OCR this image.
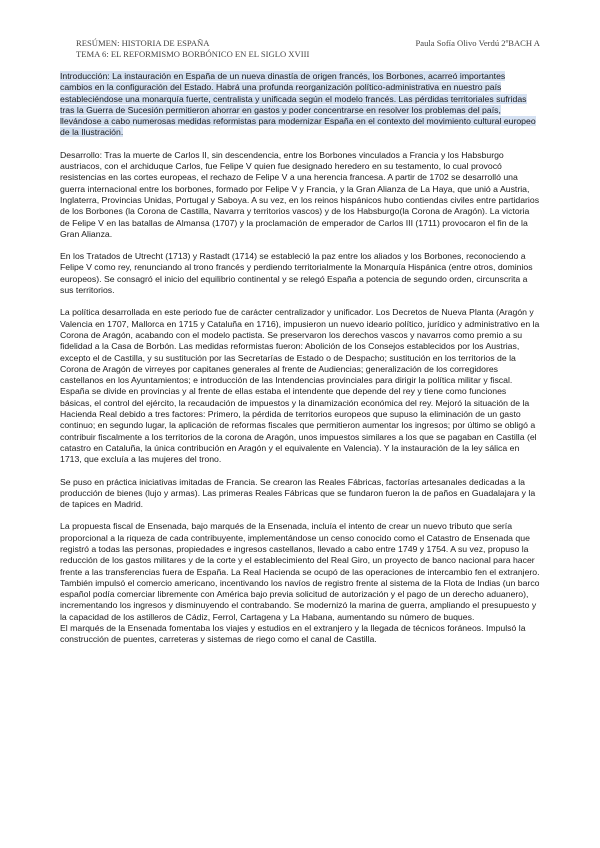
RESÚMEN: HISTORIA DE ESPAÑA
TEMA 6: EL REFORMISMO BORBÓNICO EN EL SIGLO XVIII
Paula Sofía Olivo Verdú 2ºBACH A

Introducción: La instauración en España de un nueva dinastía de origen francés, los Borbones, acarreó importantes cambios en la configuración del Estado. Habrá una profunda reorganización político-administrativa en nuestro país estableciéndose una monarquía fuerte, centralista y unificada según el modelo francés. Las pérdidas territoriales sufridas tras la Guerra de Sucesión permitieron ahorrar en gastos y poder concentrarse en resolver los problemas del país, llevándose a cabo numerosas medidas reformistas para modernizar España en el contexto del movimiento cultural europeo de la Ilustración.

Desarrollo: Tras la muerte de Carlos II, sin descendencia, entre los Borbones vinculados a Francia y los Habsburgo austriacos, con el archiduque Carlos, fue Felipe V quien fue designado heredero en su testamento, lo cual provocó resistencias en las cortes europeas, el rechazo de Felipe V a una herencia francesa. A partir de 1702 se desarrolló una guerra internacional entre los borbones, formado por Felipe V y Francia, y la Gran Alianza de La Haya, que unió a Austria, Inglaterra, Provincias Unidas, Portugal y Saboya. A su vez, en los reinos hispánicos hubo contiendas civiles entre partidarios de los Borbones (la Corona de Castilla, Navarra y territorios vascos) y de los Habsburgo(la Corona de Aragón). La victoria de Felipe V en las batallas de Almansa (1707) y la proclamación de emperador de Carlos III (1711) provocaron el fin de la Gran Alianza.

En los Tratados de Utrecht (1713) y Rastadt (1714) se estableció la paz entre los aliados y los Borbones, reconociendo a Felipe V como rey, renunciando al trono francés y perdiendo territorialmente la Monarquía Hispánica (entre otros, dominios europeos). Se consagró el inicio del equilibrio continental y se relegó España a potencia de segundo orden, circunscrita a sus territorios.

La política desarrollada en este periodo fue de carácter centralizador y unificador. Los Decretos de Nueva Planta (Aragón y Valencia en 1707, Mallorca en 1715 y Cataluña en 1716), impusieron un nuevo ideario político, jurídico y administrativo en la Corona de Aragón, acabando con el modelo pactista. Se preservaron los derechos vascos y navarros como premio a su fidelidad a la Casa de Borbón. Las medidas reformistas fueron: Abolición de los Consejos establecidos por los Austrias, excepto el de Castilla, y su sustitución por las Secretarías de Estado o de Despacho; sustitución en los territorios de la Corona de Aragón de virreyes por capitanes generales al frente de Audiencias; generalización de los corregidores castellanos en los Ayuntamientos; e introducción de las Intendencias provinciales para dirigir la política militar y fiscal. España se divide en provincias y al frente de ellas estaba el intendente que depende del rey y tiene como funciones básicas, el control del ejército, la recaudación de impuestos y la dinamización económica del rey. Mejoró la situación de la Hacienda Real debido a tres factores: Primero, la pérdida de territorios europeos que supuso la eliminación de un gasto continuo; en segundo lugar, la aplicación de reformas fiscales que permitieron aumentar los ingresos; por último se obligó a contribuir fiscalmente a los territorios de la corona de Aragón, unos impuestos similares a los que se pagaban en Castilla (el catastro en Cataluña, la única contribución en Aragón y el equivalente en Valencia). Y la instauración de la ley sálica en 1713, que excluía a las mujeres del trono.

Se puso en práctica iniciativas imitadas de Francia. Se crearon las Reales Fábricas, factorías artesanales dedicadas a la producción de bienes (lujo y armas). Las primeras Reales Fábricas que se fundaron fueron la de paños en Guadalajara y la de tapices en Madrid.

La propuesta fiscal de Ensenada, bajo marqués de la Ensenada, incluía el intento de crear un nuevo tributo que sería proporcional a la riqueza de cada contribuyente, implementándose un censo conocido como el Catastro de Ensenada que registró a todas las personas, propiedades e ingresos castellanos, llevado a cabo entre 1749 y 1754. A su vez, propuso la reducción de los gastos militares y de la corte y el establecimiento del Real Giro, un proyecto de banco nacional para hacer frente a las transferencias fuera de España. La Real Hacienda se ocupó de las operaciones de intercambio fen el extranjero. También impulsó el comercio americano, incentivando los navíos de registro frente al sistema de la Flota de Indias (un barco español podía comerciar libremente con América bajo previa solicitud de autorización y el pago de un derecho aduanero), incrementando los ingresos y disminuyendo el contrabando. Se modernizó la marina de guerra, ampliando el presupuesto y la capacidad de los astilleros de Cádiz, Ferrol, Cartagena y La Habana, aumentando su número de buques.

El marqués de la Ensenada fomentaba los viajes y estudios en el extranjero y la llegada de técnicos foráneos. Impulsó la construcción de puentes, carreteras y sistemas de riego como el canal de Castilla.
